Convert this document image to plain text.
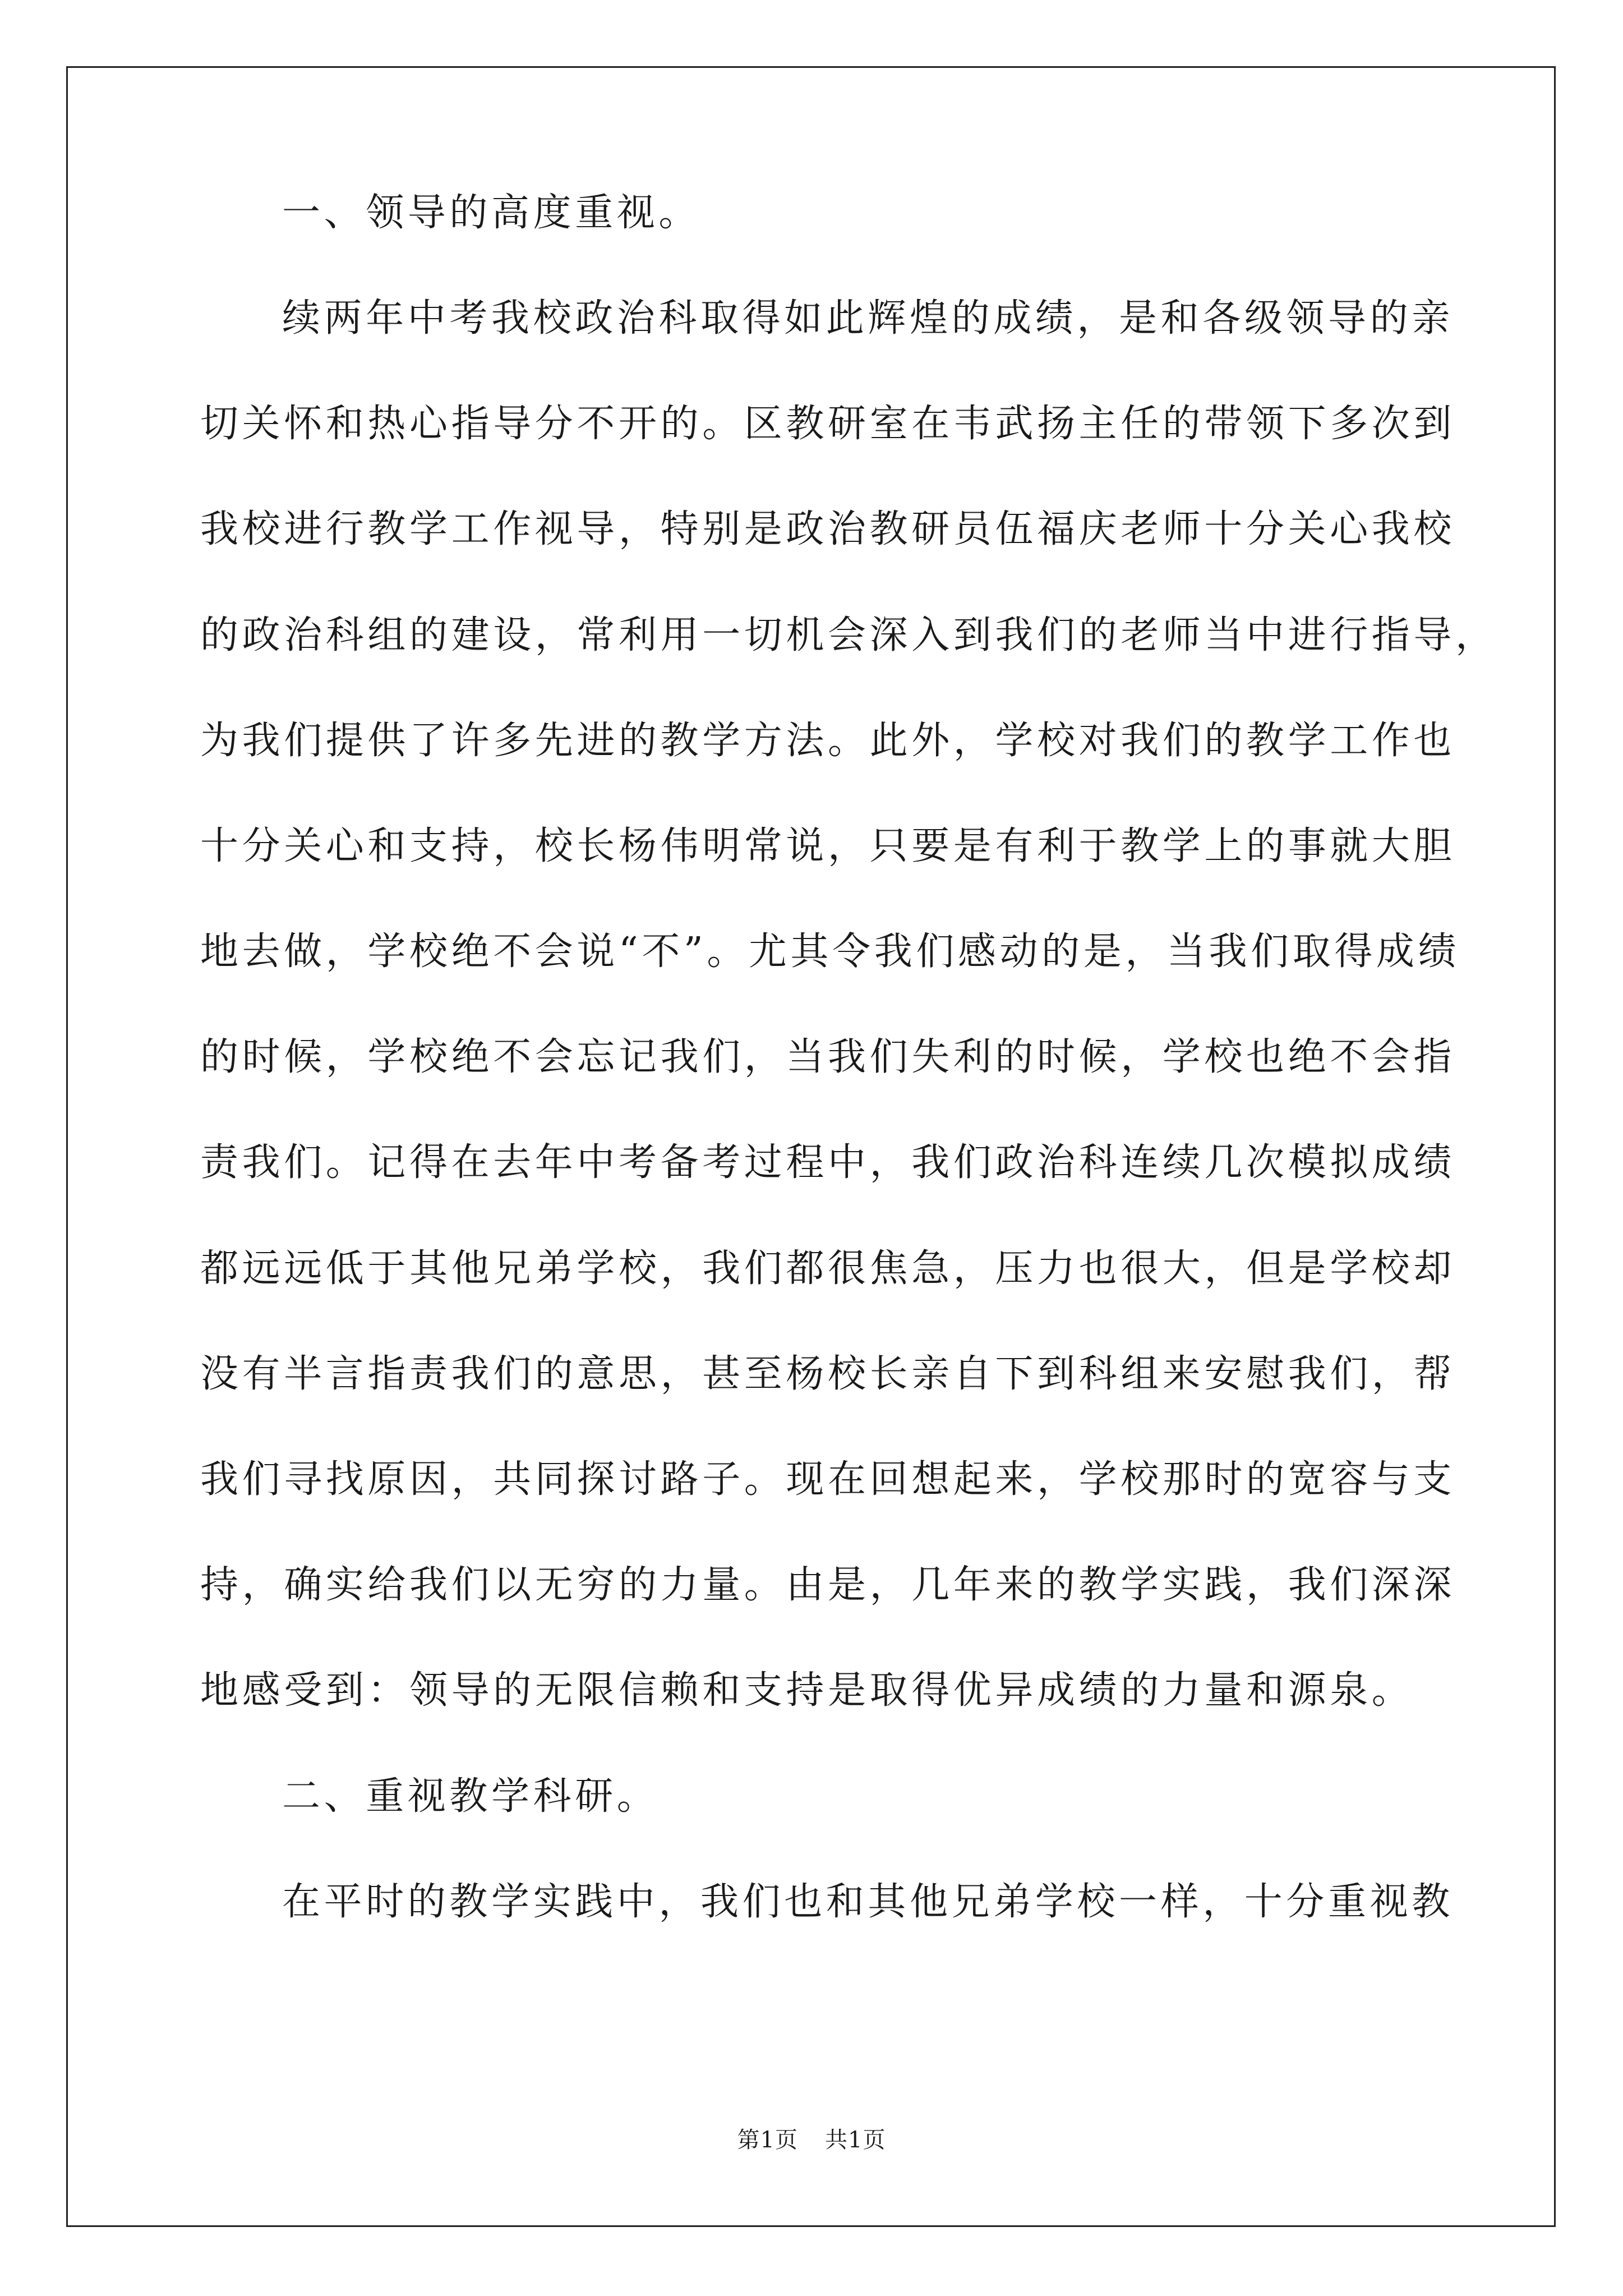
一、领导的高度重视。
续两年中考我校政治科取得如此辉煌的成绩，是和各级领导的亲
切关怀和热心指导分不开的。区教研室在韦武扬主任的带领下多次到
我校进行教学工作视导，特别是政治教研员伍福庆老师十分关心我校
的政治科组的建设，常利用一切机会深入到我们的老师当中进行指导，
为我们提供了许多先进的教学方法。此外，学校对我们的教学工作也
十分关心和支持，校长杨伟明常说，只要是有利于教学上的事就大胆
地去做，学校绝不会说“不”。尤其令我们感动的是，当我们取得成绩
的时候，学校绝不会忘记我们，当我们失利的时候，学校也绝不会指
责我们。记得在去年中考备考过程中，我们政治科连续几次模拟成绩
都远远低于其他兄弟学校，我们都很焦急，压力也很大，但是学校却
没有半言指责我们的意思，甚至杨校长亲自下到科组来安慰我们，帮
我们寻找原因，共同探讨路子。现在回想起来，学校那时的宽容与支
持，确实给我们以无穷的力量。由是，几年来的教学实践，我们深深
地感受到：领导的无限信赖和支持是取得优异成绩的力量和源泉。
二、重视教学科研。
在平时的教学实践中，我们也和其他兄弟学校一样，十分重视教
第1页 共1页
